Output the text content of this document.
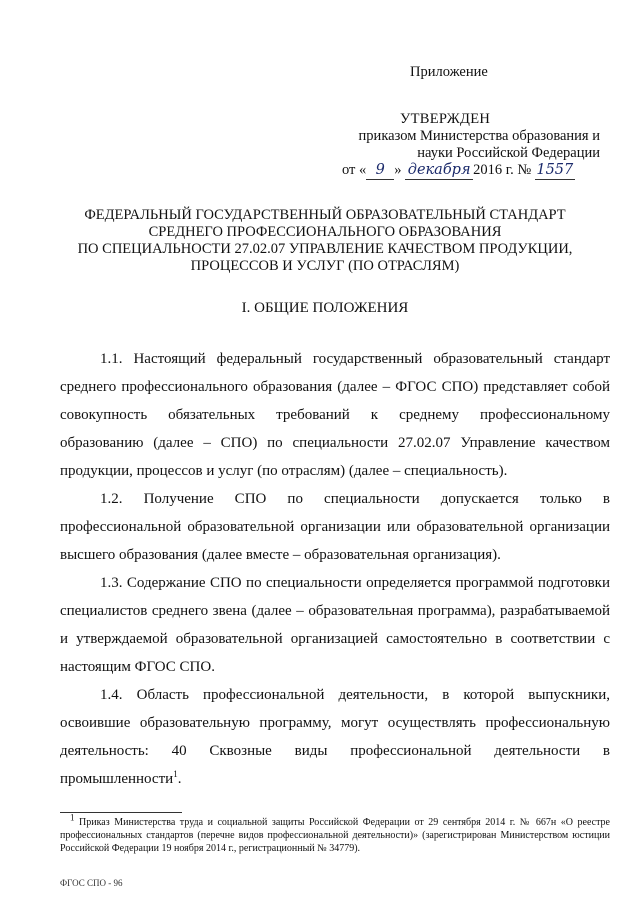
Приложение
УТВЕРЖДЕН
приказом Министерства образования и
науки Российской Федерации
от « 9 » декабря 2016 г. № 1557
ФЕДЕРАЛЬНЫЙ ГОСУДАРСТВЕННЫЙ ОБРАЗОВАТЕЛЬНЫЙ СТАНДАРТ
СРЕДНЕГО ПРОФЕССИОНАЛЬНОГО ОБРАЗОВАНИЯ
ПО СПЕЦИАЛЬНОСТИ 27.02.07 УПРАВЛЕНИЕ КАЧЕСТВОМ ПРОДУКЦИИ,
ПРОЦЕССОВ И УСЛУГ (ПО ОТРАСЛЯМ)
I. ОБЩИЕ ПОЛОЖЕНИЯ

1.1. Настоящий федеральный государственный образовательный стандарт среднего профессионального образования (далее – ФГОС СПО) представляет собой совокупность обязательных требований к среднему профессиональному образованию (далее – СПО) по специальности 27.02.07 Управление качеством продукции, процессов и услуг (по отраслям) (далее – специальность).

1.2. Получение СПО по специальности допускается только в профессиональной образовательной организации или образовательной организации высшего образования (далее вместе – образовательная организация).

1.3. Содержание СПО по специальности определяется программой подготовки специалистов среднего звена (далее – образовательная программа), разрабатываемой и утверждаемой образовательной организацией самостоятельно в соответствии с настоящим ФГОС СПО.

1.4. Область профессиональной деятельности, в которой выпускники, освоившие образовательную программу, могут осуществлять профессиональную деятельность: 40 Сквозные виды профессиональной деятельности в промышленности$^1$.

$^1$ Приказ Министерства труда и социальной защиты Российской Федерации от 29 сентября 2014 г. № 667н «О реестре профессиональных стандартов (перечне видов профессиональной деятельности)» (зарегистрирован Министерством юстиции Российской Федерации 19 ноября 2014 г., регистрационный № 34779).

ФГОС СПО - 96
